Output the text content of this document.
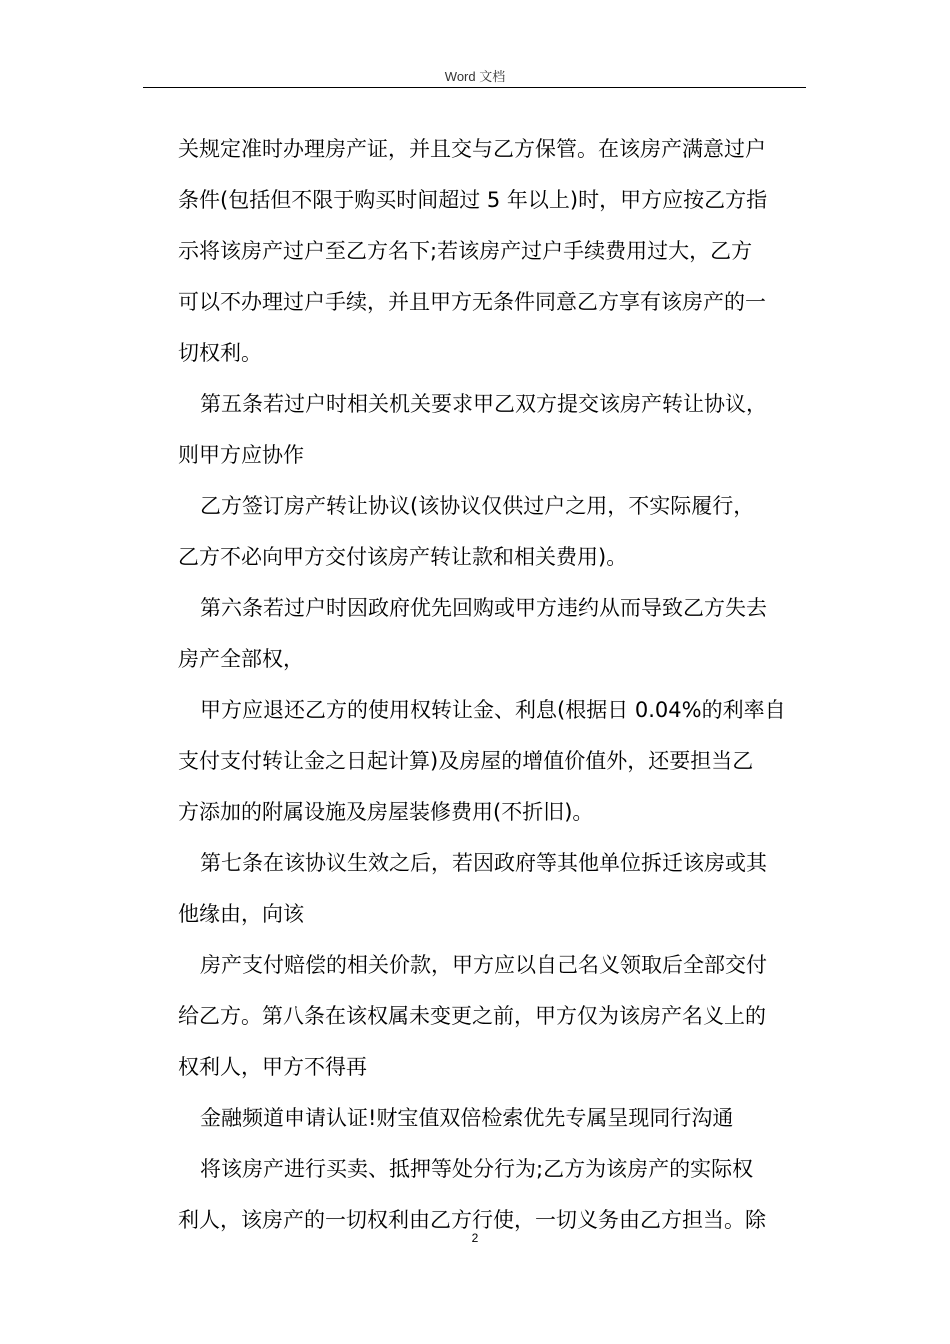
Word 文档
关规定准时办理房产证，并且交与乙方保管。在该房产满意过户
条件(包括但不限于购买时间超过 5 年以上)时，甲方应按乙方指
示将该房产过户至乙方名下;若该房产过户手续费用过大，乙方
可以不办理过户手续，并且甲方无条件同意乙方享有该房产的一
切权利。
第五条若过户时相关机关要求甲乙双方提交该房产转让协议，
则甲方应协作
乙方签订房产转让协议(该协议仅供过户之用，不实际履行，
乙方不必向甲方交付该房产转让款和相关费用)。
第六条若过户时因政府优先回购或甲方违约从而导致乙方失去
房产全部权，
甲方应退还乙方的使用权转让金、利息(根据日 0.04%的利率自
支付支付转让金之日起计算)及房屋的增值价值外，还要担当乙
方添加的附属设施及房屋装修费用(不折旧)。
第七条在该协议生效之后，若因政府等其他单位拆迁该房或其
他缘由，向该
房产支付赔偿的相关价款，甲方应以自己名义领取后全部交付
给乙方。第八条在该权属未变更之前，甲方仅为该房产名义上的
权利人，甲方不得再
金融频道申请认证!财宝值双倍检索优先专属呈现同行沟通
将该房产进行买卖、抵押等处分行为;乙方为该房产的实际权
利人，该房产的一切权利由乙方行使，一切义务由乙方担当。除
2
